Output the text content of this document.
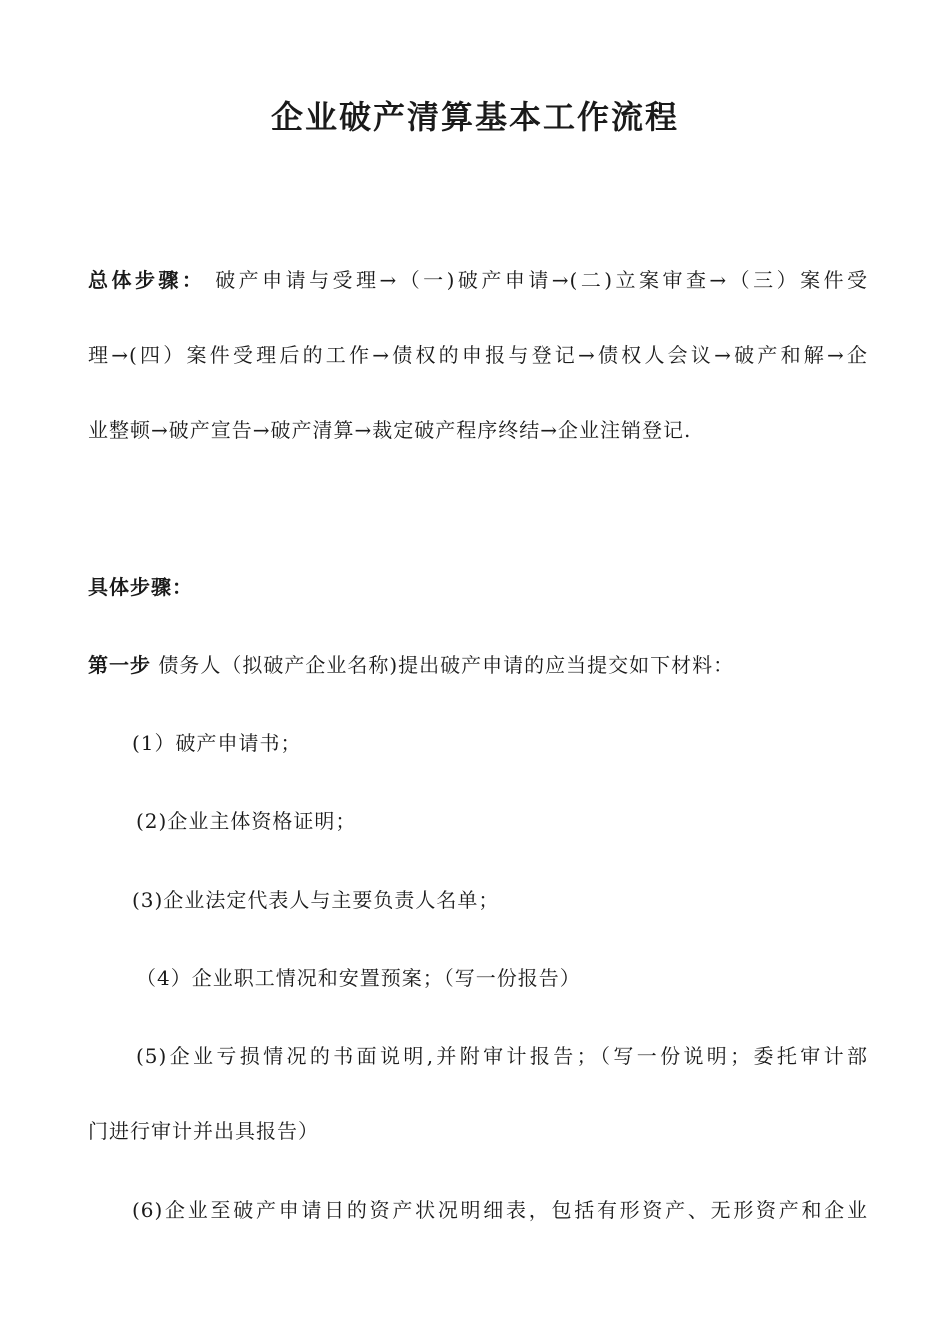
企业破产清算基本工作流程
总体步骤： 破产申请与受理→（一)破产申请→(二)立案审查→（三）案件受
理→(四）案件受理后的工作→债权的申报与登记→债权人会议→破产和解→企
业整顿→破产宣告→破产清算→裁定破产程序终结→企业注销登记.
具体步骤：
第一步 债务人（拟破产企业名称)提出破产申请的应当提交如下材料：
(1）破产申请书；
(2)企业主体资格证明；
(3)企业法定代表人与主要负责人名单；
（4）企业职工情况和安置预案；（写一份报告）
(5)企业亏损情况的书面说明,并附审计报告；（写一份说明；委托审计部
门进行审计并出具报告）
(6)企业至破产申请日的资产状况明细表，包括有形资产、无形资产和企业
